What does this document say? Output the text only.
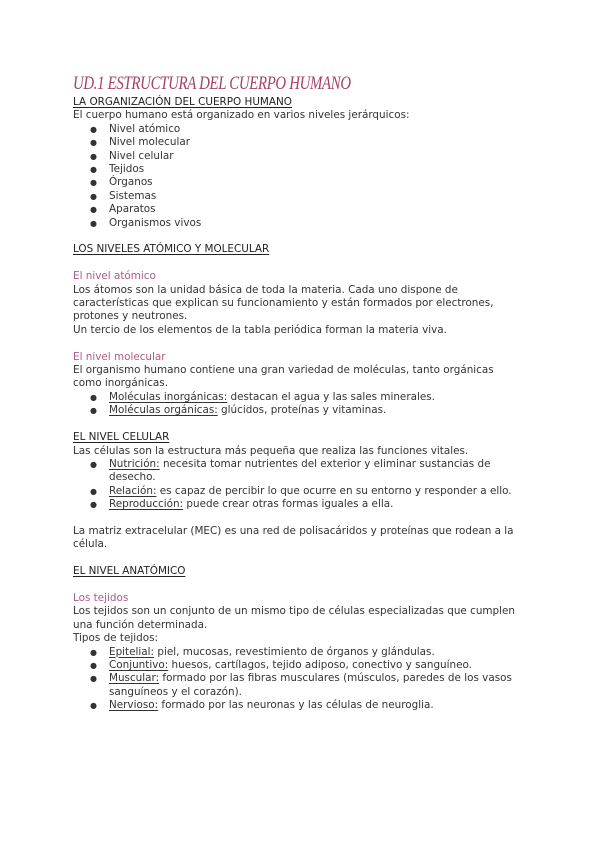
UD.1 ESTRUCTURA DEL CUERPO HUMANO

LA ORGANIZACIÓN DEL CUERPO HUMANO

El cuerpo humano está organizado en varios niveles jerárquicos:

● Nivel atómico
● Nivel molecular
● Nivel celular
● Tejidos
● Órganos
● Sistemas
● Aparatos
● Organismos vivos

LOS NIVELES ATÓMICO Y MOLECULAR

El nivel atómico

Los átomos son la unidad básica de toda la materia. Cada uno dispone de

características que explican su funcionamiento y están formados por electrones,

protones y neutrones.

Un tercio de los elementos de la tabla periódica forman la materia viva.

El nivel molecular

El organismo humano contiene una gran variedad de moléculas, tanto orgánicas

como inorgánicas.

● Moléculas inorgánicas: destacan el agua y las sales minerales.
● Moléculas orgánicas: glúcidos, proteínas y vitaminas.

EL NIVEL CELULAR

Las células son la estructura más pequeña que realiza las funciones vitales.

● Nutrición: necesita tomar nutrientes del exterior y eliminar sustancias de
desecho.
● Relación: es capaz de percibir lo que ocurre en su entorno y responder a ello.
● Reproducción: puede crear otras formas iguales a ella.

La matriz extracelular (MEC) es una red de polisacáridos y proteínas que rodean a la

célula.

EL NIVEL ANATÓMICO

Los tejidos

Los tejidos son un conjunto de un mismo tipo de células especializadas que cumplen

una función determinada.

Tipos de tejidos:

● Epitelial: piel, mucosas, revestimiento de órganos y glándulas.
● Conjuntivo: huesos, cartílagos, tejido adiposo, conectivo y sanguíneo.
● Muscular: formado por las fibras musculares (músculos, paredes de los vasos
sanguíneos y el corazón).
● Nervioso: formado por las neuronas y las células de neuroglia.
